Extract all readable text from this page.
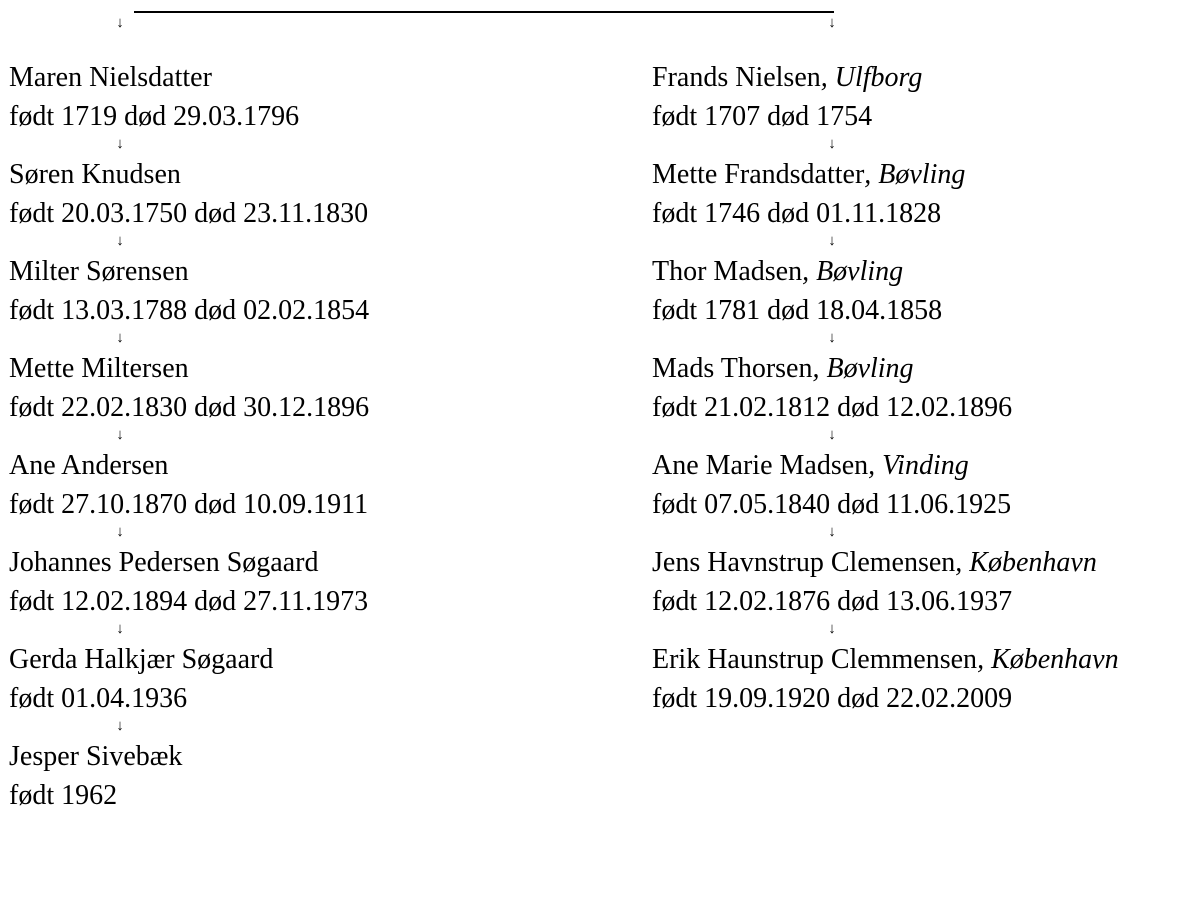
↓
Maren Nielsdatter
født 1719 død 29.03.1796
↓
Søren Knudsen
født 20.03.1750 død 23.11.1830
↓
Milter Sørensen
født 13.03.1788 død 02.02.1854
↓
Mette Miltersen
født 22.02.1830 død 30.12.1896
↓
Ane Andersen
født 27.10.1870 død 10.09.1911
↓
Johannes Pedersen Søgaard
født 12.02.1894 død 27.11.1973
↓
Gerda Halkjær Søgaard
født 01.04.1936
↓
Jesper Sivebæk
født 1962
↓
Frands Nielsen, Ulfborg
født 1707 død 1754
↓
Mette Frandsdatter, Bøvling
født 1746 død 01.11.1828
↓
Thor Madsen, Bøvling
født 1781 død 18.04.1858
↓
Mads Thorsen, Bøvling
født 21.02.1812 død 12.02.1896
↓
Ane Marie Madsen, Vinding
født 07.05.1840 død 11.06.1925
↓
Jens Havnstrup Clemensen, København
født 12.02.1876 død 13.06.1937
↓
Erik Haunstrup Clemmensen, København
født 19.09.1920 død 22.02.2009
